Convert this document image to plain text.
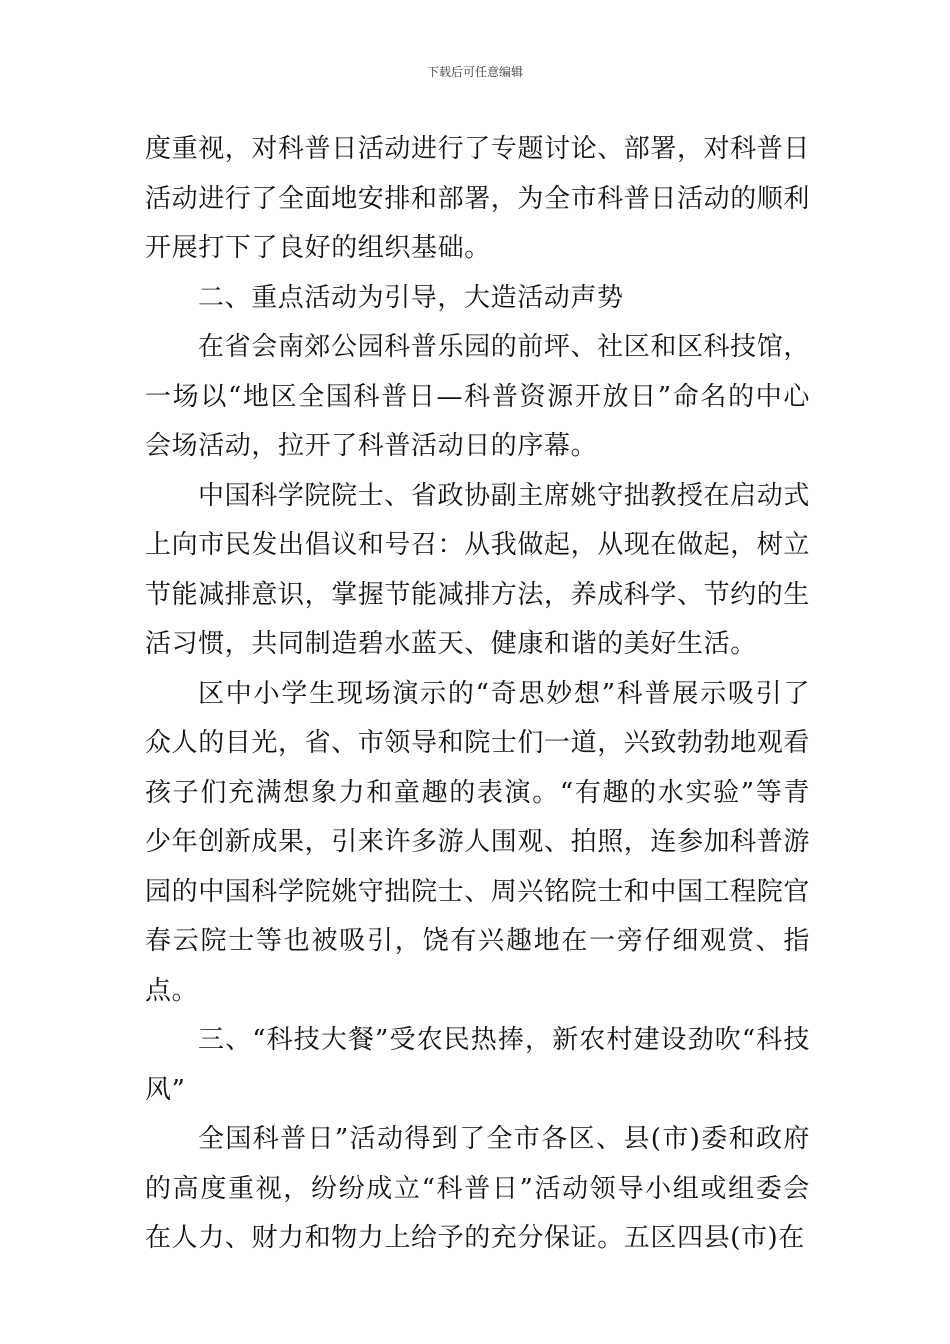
下载后可任意编辑

度重视，对科普日活动进行了专题讨论、部署，对科普日活动进行了全面地安排和部署，为全市科普日活动的顺利开展打下了良好的组织基础。

二、重点活动为引导，大造活动声势

在省会南郊公园科普乐园的前坪、社区和区科技馆，一场以“地区全国科普日—科普资源开放日”命名的中心会场活动，拉开了科普活动日的序幕。

中国科学院院士、省政协副主席姚守拙教授在启动式上向市民发出倡议和号召：从我做起，从现在做起，树立节能减排意识，掌握节能减排方法，养成科学、节约的生活习惯，共同制造碧水蓝天、健康和谐的美好生活。

区中小学生现场演示的“奇思妙想”科普展示吸引了众人的目光，省、市领导和院士们一道，兴致勃勃地观看孩子们充满想象力和童趣的表演。“有趣的水实验”等青少年创新成果，引来许多游人围观、拍照，连参加科普游园的中国科学院姚守拙院士、周兴铭院士和中国工程院官春云院士等也被吸引，饶有兴趣地在一旁仔细观赏、指点。

三、“科技大餐”受农民热捧，新农村建设劲吹“科技风”

全国科普日”活动得到了全市各区、县(市)委和政府的高度重视，纷纷成立“科普日”活动领导小组或组委会在人力、财力和物力上给予的充分保证。五区四县(市)在
